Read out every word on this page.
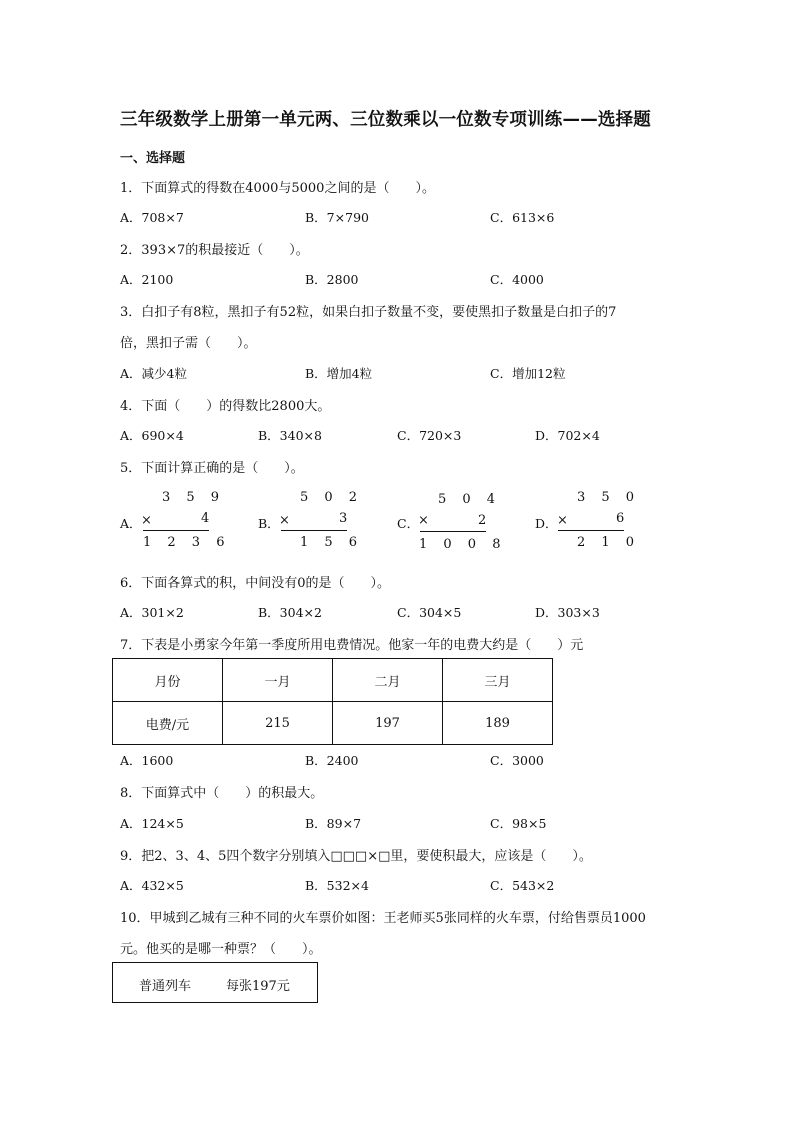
三年级数学上册第一单元两、三位数乘以一位数专项训练——选择题
一、选择题
1．下面算式的得数在4000与5000之间的是（　　）。
A．708×7	B．7×790	C．613×6
2．393×7的积最接近（　　）。
A．2100	B．2800	C．4000
3．白扣子有8粒，黑扣子有52粒，如果白扣子数量不变，要使黑扣子数量是白扣子的7
倍，黑扣子需（　　）。
A．减少4粒	B．增加4粒	C．增加12粒
4．下面（　　）的得数比2800大。
A．690×4	B．340×8	C．720×3	D．702×4
5．下面计算正确的是（　　）。
3 5 9
A． ×	4
1 2 3 6
5 0 2
B． ×	3
1 5 6
5 0 4
C．
×	2
1 0 0 8
3 5 0
D． ×	6
2 1 0
6．下面各算式的积，中间没有0的是（　　）。
A．301×2	B．304×2	C．304×5	D．303×3
7．下表是小勇家今年第一季度所用电费情况。他家一年的电费大约是（　　）元
月份	一月	二月	三月
电费/元	215	197	189
A．1600	B．2400	C．3000
8．下面算式中（　　）的积最大。
A．124×5	B．89×7	C．98×5
9．把2、3、4、5四个数字分别填入□□□×□里，要使积最大，应该是（　　）。
A．432×5	B．532×4	C．543×2
10．甲城到乙城有三种不同的火车票价如图：王老师买5张同样的火车票，付给售票员1000
元。他买的是哪一种票？（　　）。
普通列车	每张197元
